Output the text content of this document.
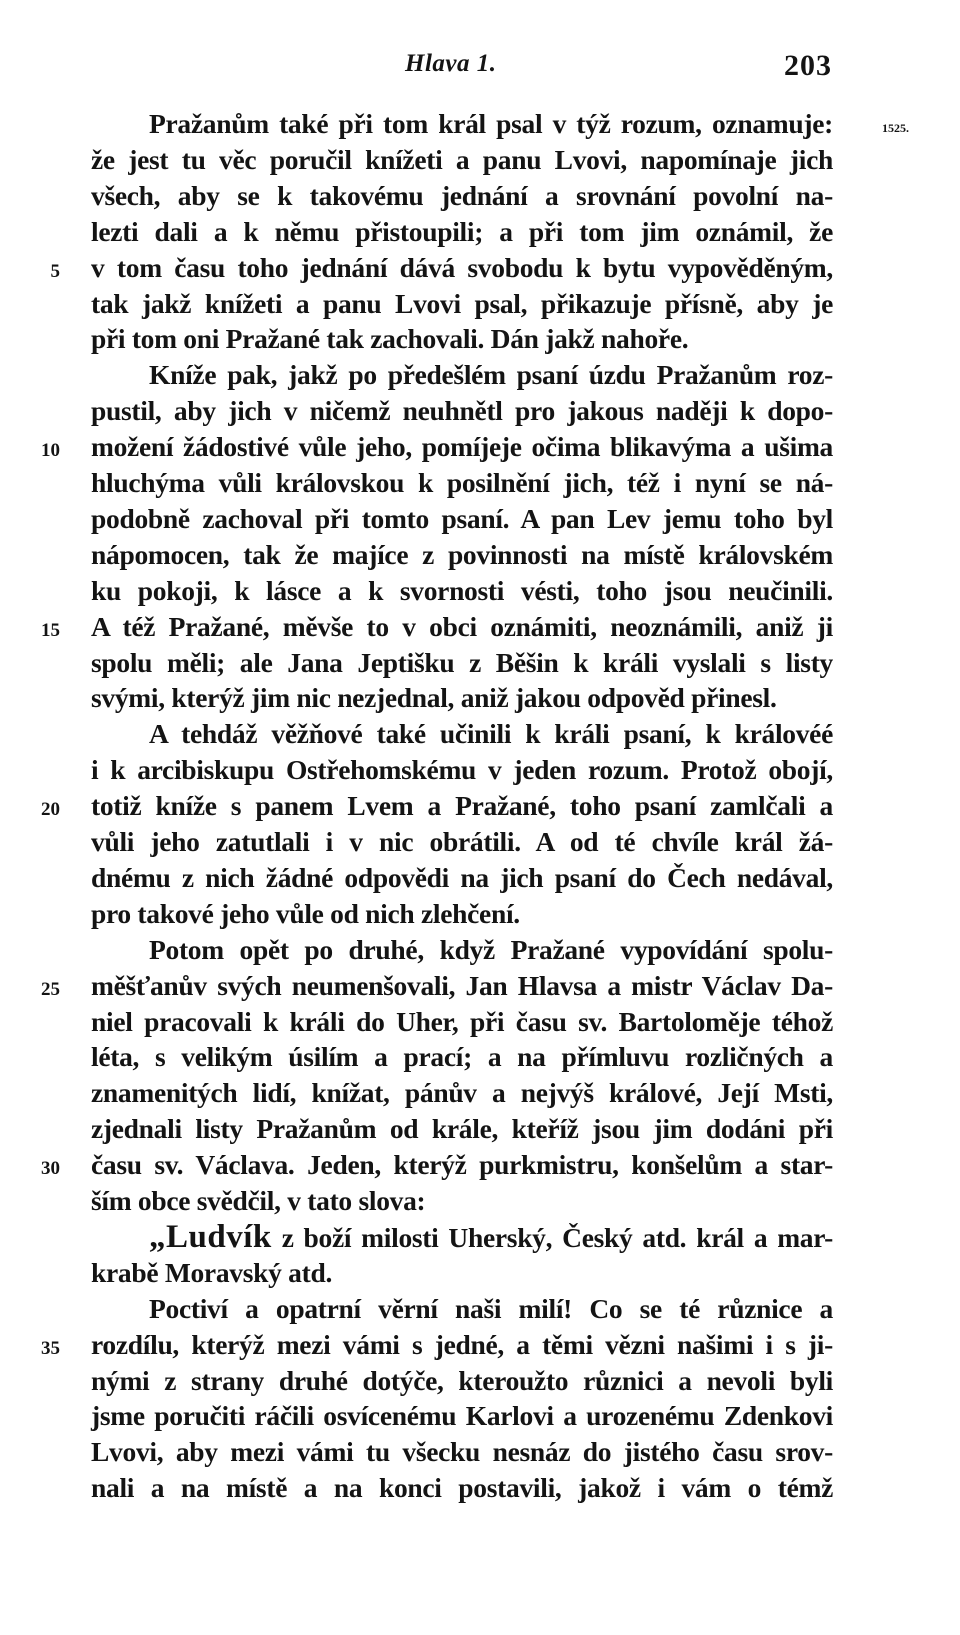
Hlava 1.	203
1525.
Pražanům také při tom král psal v týž rozum, oznamuje:
že jest tu věc poručil knížeti a panu Lvovi, napomínaje jich
všech, aby se k takovému jednání a srovnání povolní na-
lezti dali a k němu přistoupili; a při tom jim oznámil, že
5 v tom času toho jednání dává svobodu k bytu vypověděným,
tak jakž knížeti a panu Lvovi psal, přikazuje přísně, aby je
při tom oni Pražané tak zachovali. Dán jakž nahoře.
Kníže pak, jakž po předešlém psaní úzdu Pražanům roz-
pustil, aby jich v ničemž neuhnětl pro jakous naději k dopo-
10 možení žádostivé vůle jeho, pomíjeje očima blikavýma a ušima
hluchýma vůli královskou k posilnění jich, též i nyní se ná-
podobně zachoval při tomto psaní. A pan Lev jemu toho byl
nápomocen, tak že majíce z povinnosti na místě královském
ku pokoji, k lásce a k svornosti vésti, toho jsou neučinili.
15 A též Pražané, měvše to v obci oznámiti, neoznámili, aniž ji
spolu měli; ale Jana Jeptišku z Běšin k králi vyslali s listy
svými, kterýž jim nic nezjednal, aniž jakou odpověd přinesl.
A tehdáž věžňové také učinili k králi psaní, k královéé
i k arcibiskupu Ostřehomskému v jeden rozum. Protož obojí,
20 totiž kníže s panem Lvem a Pražané, toho psaní zamlčali a
vůli jeho zatutlali i v nic obrátili. A od té chvíle král žá-
dnému z nich žádné odpovědi na jich psaní do Čech nedával,
pro takové jeho vůle od nich zlehčení.
Potom opět po druhé, když Pražané vypovídání spolu-
25 měšťanův svých neumenšovali, Jan Hlavsa a mistr Václav Da-
niel pracovali k králi do Uher, při času sv. Bartoloměje téhož
léta, s velikým úsilím a prací; a na přímluvu rozličných a
znamenitých lidí, knížat, pánův a nejvýš králové, Její Msti,
zjednali listy Pražanům od krále, kteříž jsou jim dodáni při
30 času sv. Václava. Jeden, kterýž purkmistru, konšelům a star-
ším obce svědčil, v tato slova:
„Ludvík z boží milosti Uherský, Český atd. král a mar-
krabě Moravský atd.
Poctiví a opatrní věrní naši milí! Co se té různice a
35 rozdílu, kterýž mezi vámi s jedné, a těmi vězni našimi i s ji-
nými z strany druhé dotýče, kteroužto různici a nevoli byli
jsme poručiti ráčili osvícenému Karlovi a urozenému Zdenkovi
Lvovi, aby mezi vámi tu všecku nesnáz do jistého času srov-
nali a na místě a na konci postavili, jakož i vám o témž
